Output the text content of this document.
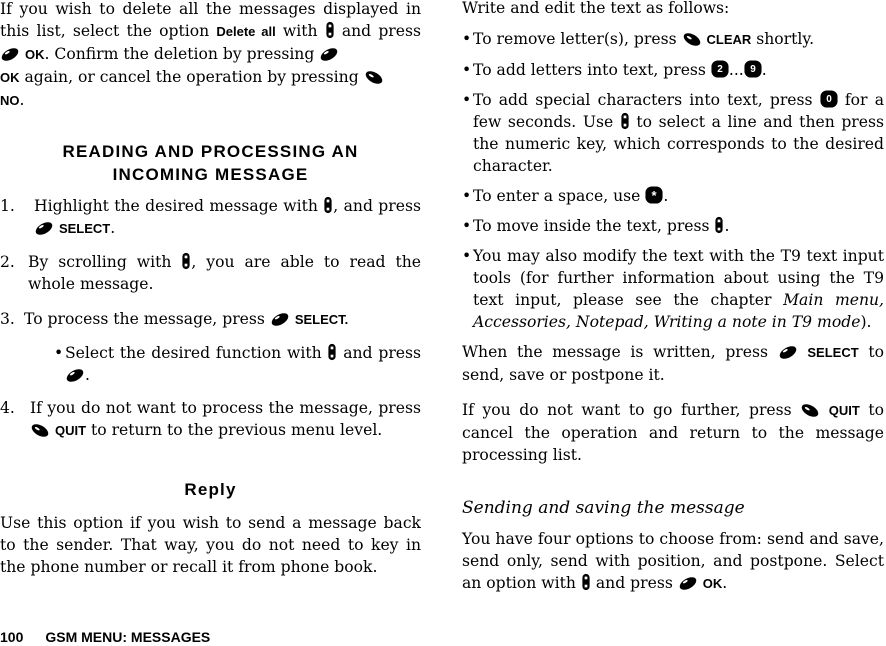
If you wish to delete all the messages displayed in this list, select the option Delete all with  and press  OK. Confirm the deletion by pressing
OK again, or cancel the operation by pressing
NO.

READING AND PROCESSING AN
INCOMING MESSAGE
1.	Highlight the desired message with , and press  SELECT.
2. By scrolling with , you are able to read the whole message.
3. To process the message, press  SELECT.
• Select the desired function with  and press .
4. If you do not want to process the message, press  QUIT to return to the previous menu level.
Reply

Use this option if you wish to send a message back to the sender. That way, you do not need to key in the phone number or recall it from phone book.

Write and edit the text as follows:

• To remove letter(s), press  CLEAR shortly.
• To add letters into text, press 2 ... 9 .
• To add special characters into text, press 0 for a few seconds. Use  to select a line and then press the numeric key, which corresponds to the desired character.
• To enter a space, use * .
• To move inside the text, press .
• You may also modify the text with the T9 text input tools (for further information about using the T9 text input, please see the chapter Main menu, Accessories, Notepad, Writing a note in T9 mode).

When the message is written, press  SELECT to send, save or postpone it.

If you do not want to go further, press  QUIT to cancel the operation and return to the message processing list.

Sending and saving the message

You have four options to choose from: send and save, send only, send with position, and postpone. Select an option with  and press  OK.

100 GSM MENU: MESSAGES
